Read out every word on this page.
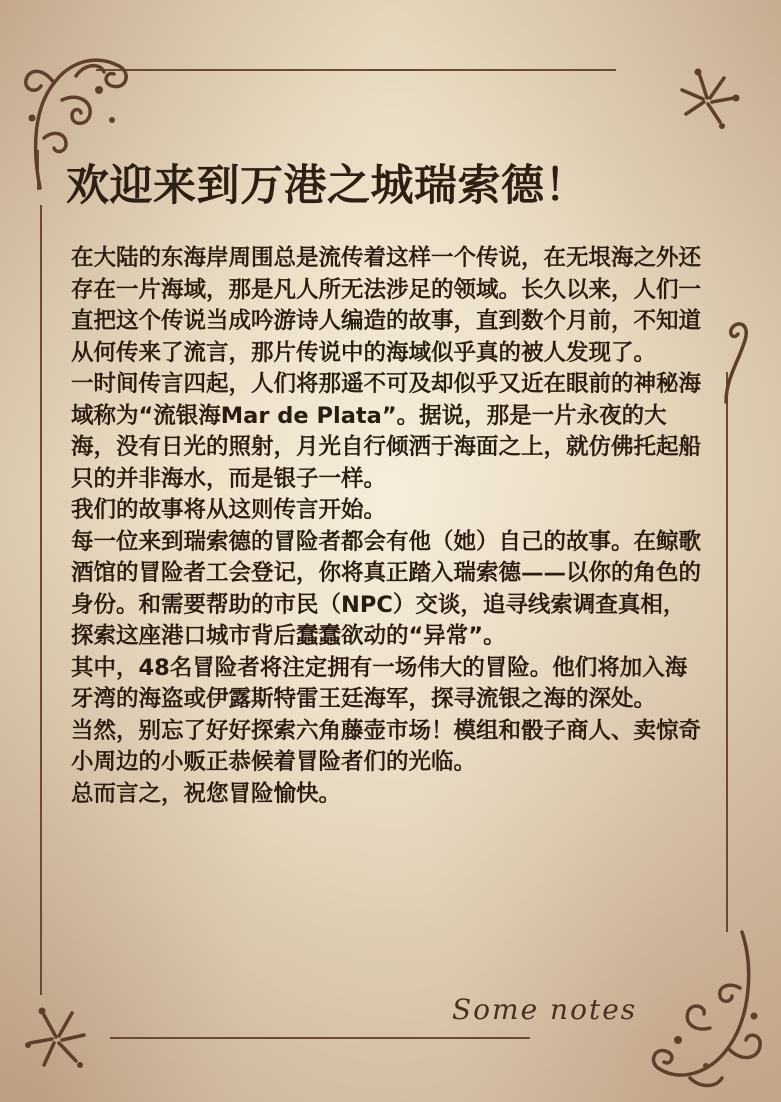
欢迎来到万港之城瑞索德！

在大陆的东海岸周围总是流传着这样一个传说，在无垠海之外还存在一片海域，那是凡人所无法涉足的领域。长久以来，人们一直把这个传说当成吟游诗人编造的故事，直到数个月前，不知道从何传来了流言，那片传说中的海域似乎真的被人发现了。

一时间传言四起，人们将那遥不可及却似乎又近在眼前的神秘海域称为“流银海Mar de Plata”。据说，那是一片永夜的大海，没有日光的照射，月光自行倾洒于海面之上，就仿佛托起船只的并非海水，而是银子一样。

我们的故事将从这则传言开始。

每一位来到瑞索德的冒险者都会有他（她）自己的故事。在鲸歌酒馆的冒险者工会登记，你将真正踏入瑞索德——以你的角色的身份。和需要帮助的市民（NPC）交谈，追寻线索调查真相，探索这座港口城市背后蠢蠢欲动的“异常”。

其中，48名冒险者将注定拥有一场伟大的冒险。他们将加入海牙湾的海盗或伊露斯特雷王廷海军，探寻流银之海的深处。

当然，别忘了好好探索六角藤壶市场！模组和骰子商人、卖惊奇小周边的小贩正恭候着冒险者们的光临。

总而言之，祝您冒险愉快。

Some notes
